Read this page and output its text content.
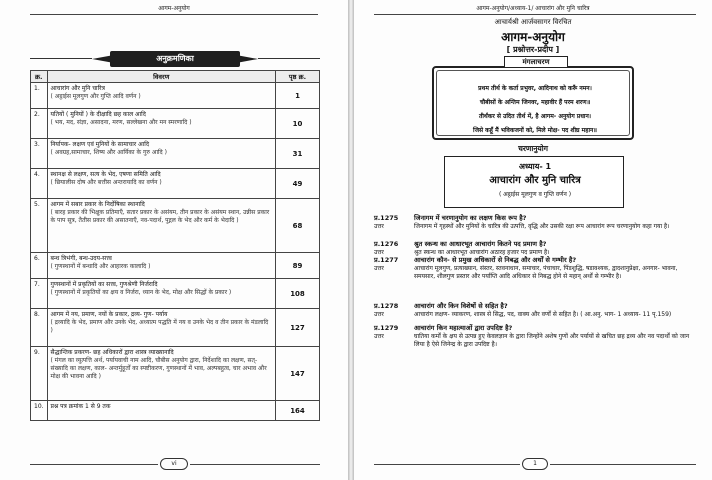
आगम-अनुयोग
अनुक्रमणिका
क्र.	विवरण	पृष्ठ क्र.
1.	आचारांग और मुनि चारित्र
( अट्ठाईस मूलगुण और गुप्ति आदि वर्णन )	1
2.	यतियों ( मुनियों ) के दीक्षादि छह काल आदि
( भय, मद, संज्ञा, असादना, मरण, सल्लेखना और मन स्मरणादि )	10
3.	निर्यापक- लक्षण एवं मुनियों के सामाचार आदि
( अवग्रह,सामाचार, शिष्य और आर्यिका के गुरु आदि )	31
4.	स्थानक्ष से लक्षण, सत्य के भेद, एषणा समिति आदि
( छियालीस दोष और बत्तीस अन्तरायादि का वर्णन )	49
5.	आगम में सबार प्रकार के निर्दोषिका स्थानादि
( बारह प्रकार की भिक्षुक प्रतिमाएँ, सतार प्रकार के असंयम, तीन प्रकार के असंयम स्थान, उन्नीस प्रकार के पाप सूत्र, तैतीस प्रकार की असातनाएँ, नव-पदार्थ, पुद्गल के भेद और कर्म के भेदादि )	68
6.	बन्ध त्रिभंगी, बन्ध-उदय-सत्त्व
( गुणस्थानों में बन्धादि और आहारक कालादि )	89
7.	गुणस्थानों में प्रकृतियों का सत्त्व, गुणश्रेणी निर्जरादि
( गुणस्थानों में प्रकृतियों का क्षय व निर्जरा, ध्यान के भेद, मोक्ष और सिद्धों के प्रकार )	108
8.	आगम में नय, प्रमाण, नयों के प्रकार, द्रव्य- गुण- पर्याय
( द्रव्यादि के भेद, प्रमाण और उनके भेद, अध्यात्म पद्धति में नय व उनके भेद व तीन प्रकार के मंडलादि )	127
9.	सैद्धान्तिक प्रकरण- छह अधिकारों द्वारा शास्त्र व्याख्यानादि
( मंगल का व्युत्पत्ति अर्थ, पर्यायवाची नाम आदि, चौबीस अनुयोग द्वारा, निर्देशादि का लक्षण, सत्- संख्यादि का लक्षण, काल- अन्तर्मुहूर्तों का स्पष्टीकरण, गुणस्थानों में भाव, अल्पबहुत्व, चार अभाव और मोक्ष की भावना आदि )	147
10.	प्रश्न पत्र क्रमांक 1 से 9 तक	164
vi
आगम-अनुयोग/अध्याय-1/ आचारांग और मुनि चारित्र
आचार्यश्री आर्जवसागर विरचित
आगम-अनुयोग
[ प्रश्नोत्तर-प्रदीप ]
प्रथम तीर्थ के कर्ता प्रभुवर, आदिनाथ को करूँ नमन।
चौबीसों के अन्तिम जिनवर, महावीर हैं परम शरण॥
तीर्थंकर से उदित तीर्थ में, है आगम- अनुयोग प्रधान।
जिसे कहूँ मैं भविकजनों को, मिले मोक्ष- पद शीघ्र महान॥
मंगलाचरण
चरणानुयोग
अध्याय- 1
आचारांग और मुनि चारित्र
( अट्ठाईस मूलगुण व गुप्ति वर्णन )
प्र.1275	जिनागम में चरणानुयोग का लक्षण किस रूप है?
उत्तर	जिनागम में गृहस्थों और मुनियों के चारित्र की उत्पत्ति, वृद्धि और उसकी रक्षा रूप आचारांग रूप चरणानुयोग कहा गया है।
प्र.1276	श्रुत स्कन्ध का आधारभूत आचारांग कितने पद प्रमाण है?
उत्तर	श्रुत स्कन्ध का आधारभूत आचारांग अठारह हजार पद प्रमाण है।
प्र.1277	आचारांग कौन- से प्रमुख अधिकारों से निबद्ध और अर्थों से गम्भीर है?
उत्तर	आचारांग मूलगुण, प्रत्याख्यान, संस्तर, स्तवनाधान, समाचार, पंचाचार, पिंडशुद्धि, षडावश्यक, द्वादशानुप्रेक्षा, अनगार- भावना, समयसार, शीलगुण प्रस्तार और पर्याप्ति आदि अधिकार से निबद्ध होने से महान् अर्थों से गम्भीर है।
प्र.1278	आचारांग और किन विशेषों से सहित है?
उत्तर	आचारांग लक्षण- व्याकरण, शास्त्र से सिद्ध, पद, वाक्य और वर्णों से सहित है। ( आ.अनु. भाग- 1 अध्याय- 11 पृ.159)
प्र.1279	आचारांग किन महात्माओं द्वारा उपदिष्ट है?
उत्तर	घातिया कर्मों के क्षय से उत्पन्न हुए केवलज्ञान के द्वारा जिन्होंने अशेष गुणों और पर्यायों से खचित छह द्रव्य और नव पदार्थों को जान लिया है ऐसे जिनेन्द्र के द्वारा उपदिष्ट है।
1
